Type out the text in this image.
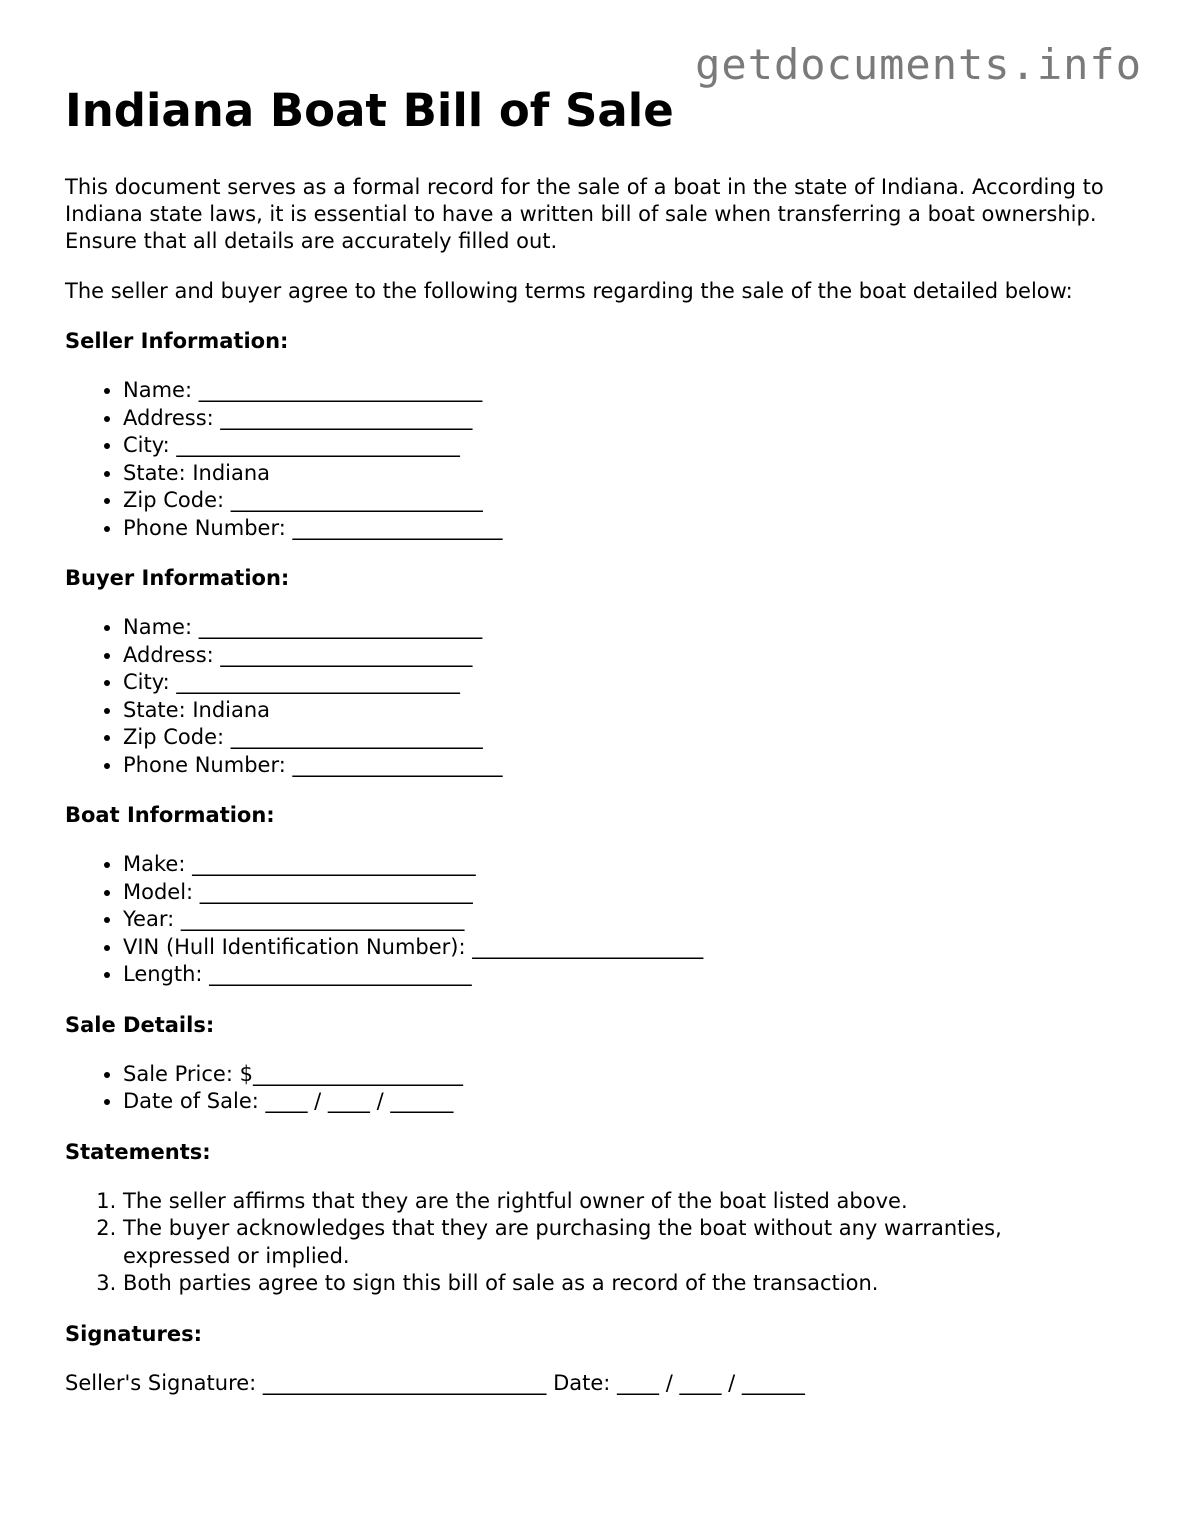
getdocuments.info
Indiana Boat Bill of Sale

This document serves as a formal record for the sale of a boat in the state of Indiana. According to Indiana state laws, it is essential to have a written bill of sale when transferring a boat ownership. Ensure that all details are accurately filled out.

The seller and buyer agree to the following terms regarding the sale of the boat detailed below:

Seller Information:
• Name: ___________________________
• Address: ________________________
• City: ___________________________
• State: Indiana
• Zip Code: ________________________
• Phone Number: ____________________
Buyer Information:
• Name: ___________________________
• Address: ________________________
• City: ___________________________
• State: Indiana
• Zip Code: ________________________
• Phone Number: ____________________
Boat Information:
• Make: ___________________________
• Model: __________________________
• Year: ___________________________
• VIN (Hull Identification Number): ______________________
• Length: _________________________
Sale Details:
• Sale Price: $____________________
• Date of Sale: ____ / ____ / ______
Statements:
1. The seller affirms that they are the rightful owner of the boat listed above.
2. The buyer acknowledges that they are purchasing the boat without any warranties, expressed or implied.
3. Both parties agree to sign this bill of sale as a record of the transaction.
Signatures:

Seller's Signature: ___________________________ Date: ____ / ____ / ______
